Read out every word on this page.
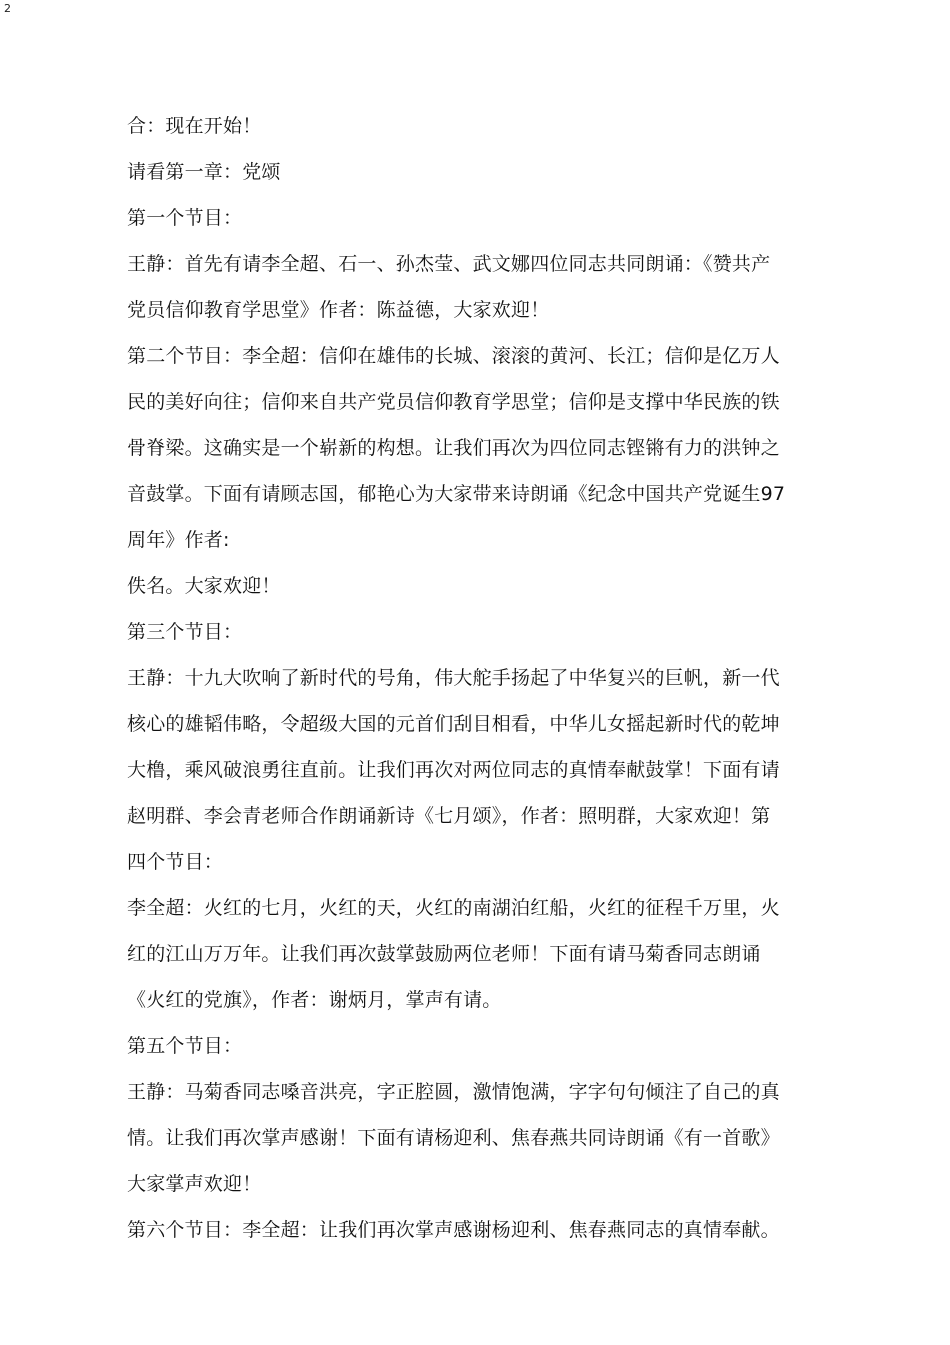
2
合：现在开始！
请看第一章：党颂
第一个节目：
王静：首先有请李全超、石一、孙杰莹、武文娜四位同志共同朗诵：《赞共产
党员信仰教育学思堂》作者：陈益德，大家欢迎！
第二个节目：李全超：信仰在雄伟的长城、滚滚的黄河、长江；信仰是亿万人
民的美好向往；信仰来自共产党员信仰教育学思堂；信仰是支撑中华民族的铁
骨脊梁。这确实是一个崭新的构想。让我们再次为四位同志铿锵有力的洪钟之
音鼓掌。下面有请顾志国，郁艳心为大家带来诗朗诵《纪念中国共产党诞生97
周年》作者:
佚名。大家欢迎！
第三个节目：
王静：十九大吹响了新时代的号角，伟大舵手扬起了中华复兴的巨帆，新一代
核心的雄韬伟略，令超级大国的元首们刮目相看，中华儿女摇起新时代的乾坤
大橹，乘风破浪勇往直前。让我们再次对两位同志的真情奉献鼓掌！下面有请
赵明群、李会青老师合作朗诵新诗《七月颂》，作者：照明群，大家欢迎！第
四个节目：
李全超：火红的七月，火红的天，火红的南湖泊红船，火红的征程千万里，火
红的江山万万年。让我们再次鼓掌鼓励两位老师！下面有请马菊香同志朗诵
《火红的党旗》，作者：谢炳月，掌声有请。
第五个节目：
王静：马菊香同志嗓音洪亮，字正腔圆，激情饱满，字字句句倾注了自己的真
情。让我们再次掌声感谢！下面有请杨迎利、焦春燕共同诗朗诵《有一首歌》
大家掌声欢迎！
第六个节目：李全超：让我们再次掌声感谢杨迎利、焦春燕同志的真情奉献。
